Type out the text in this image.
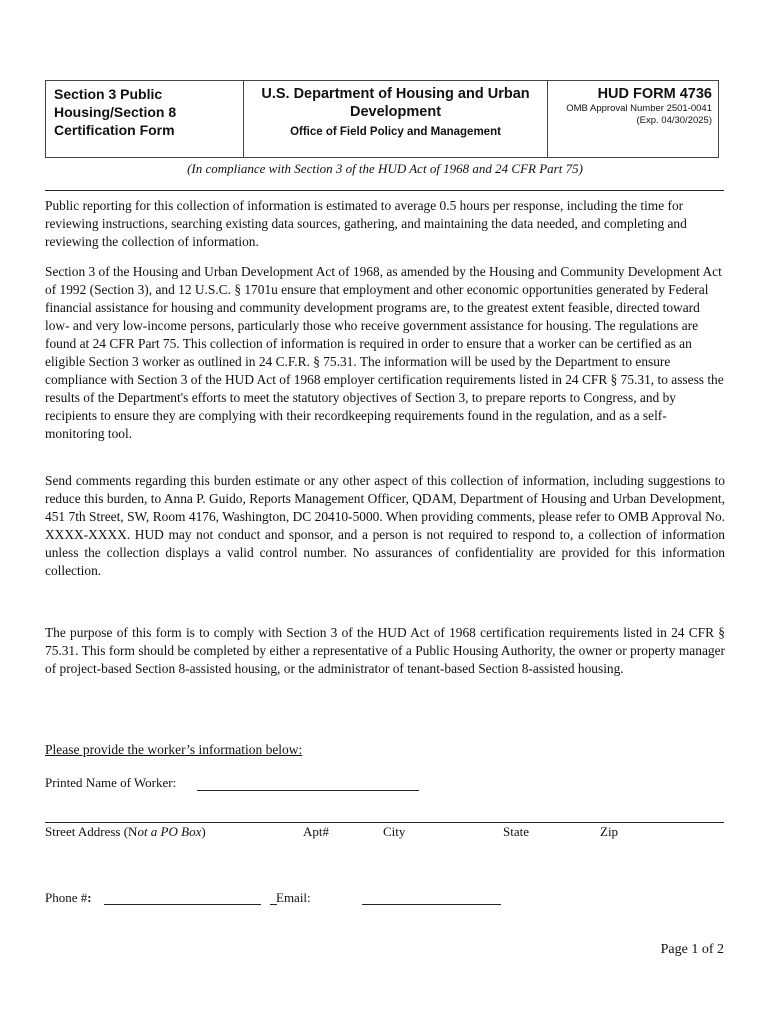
Section 3 Public
Housing/Section 8
Certification Form
U.S. Department of Housing and Urban
Development
Office of Field Policy and Management
HUD FORM 4736
OMB Approval Number 2501-0041
(Exp. 04/30/2025)
(In compliance with Section 3 of the HUD Act of 1968 and 24 CFR Part 75)

Public reporting for this collection of information is estimated to average 0.5 hours per response, including the time for reviewing instructions, searching existing data sources, gathering, and maintaining the data needed, and completing and reviewing the collection of information.

Section 3 of the Housing and Urban Development Act of 1968, as amended by the Housing and Community Development Act of 1992 (Section 3), and 12 U.S.C. § 1701u ensure that employment and other economic opportunities generated by Federal financial assistance for housing and community development programs are, to the greatest extent feasible, directed toward low- and very low-income persons, particularly those who receive government assistance for housing. The regulations are found at 24 CFR Part 75. This collection of information is required in order to ensure that a worker can be certified as an eligible Section 3 worker as outlined in 24 C.F.R. § 75.31. The information will be used by the Department to ensure compliance with Section 3 of the HUD Act of 1968 employer certification requirements listed in 24 CFR § 75.31, to assess the results of the Department's efforts to meet the statutory objectives of Section 3, to prepare reports to Congress, and by recipients to ensure they are complying with their recordkeeping requirements found in the regulation, and as a self-monitoring tool.

Send comments regarding this burden estimate or any other aspect of this collection of information, including suggestions to reduce this burden, to Anna P. Guido, Reports Management Officer, QDAM, Department of Housing and Urban Development, 451 7th Street, SW, Room 4176, Washington, DC 20410-5000. When providing comments, please refer to OMB Approval No. XXXX-XXXX. HUD may not conduct and sponsor, and a person is not required to respond to, a collection of information unless the collection displays a valid control number. No assurances of confidentiality are provided for this information collection.

The purpose of this form is to comply with Section 3 of the HUD Act of 1968 certification requirements listed in 24 CFR § 75.31. This form should be completed by either a representative of a Public Housing Authority, the owner or property manager of project-based Section 8-assisted housing, or the administrator of tenant-based Section 8-assisted housing.

Please provide the worker’s information below:
Printed Name of Worker:
Street Address (Not a PO Box)	Apt#	City	State	Zip
Phone #:	Email:
Page 1 of 2
